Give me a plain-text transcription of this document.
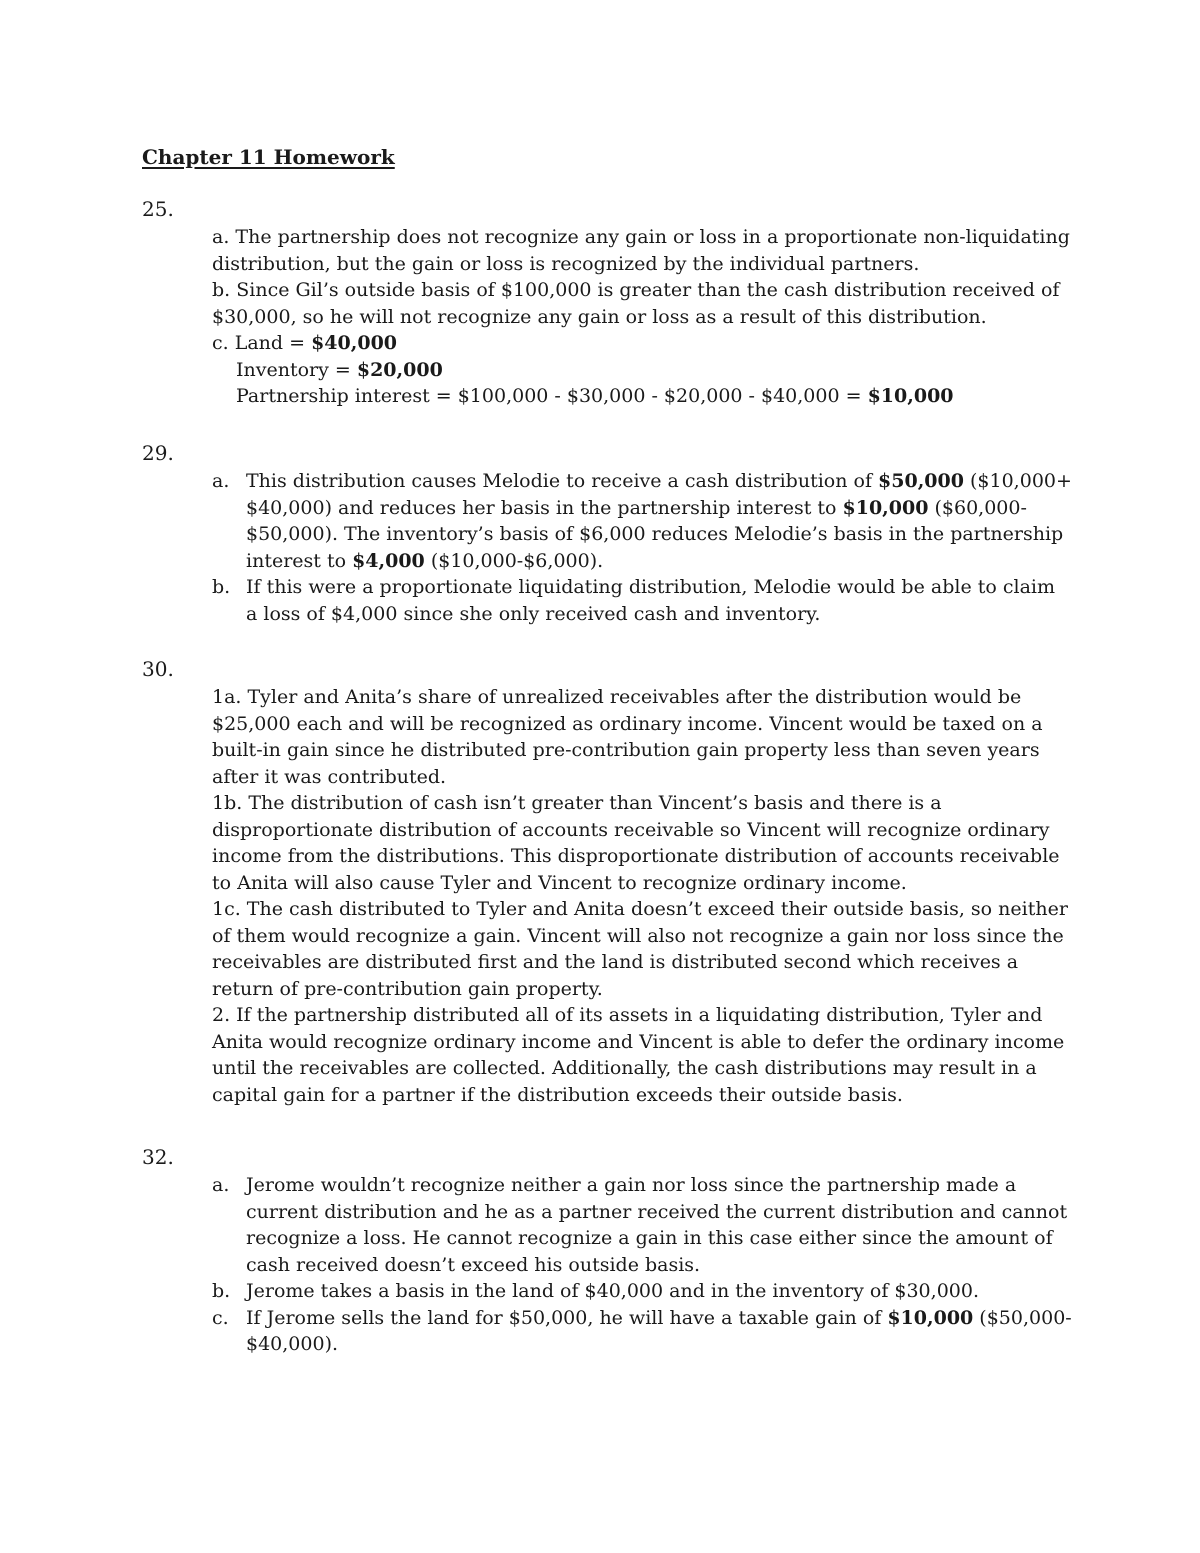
Chapter 11 Homework
25.

a. The partnership does not recognize any gain or loss in a proportionate non-liquidating distribution, but the gain or loss is recognized by the individual partners.

b. Since Gil’s outside basis of $100,000 is greater than the cash distribution received of $30,000, so he will not recognize any gain or loss as a result of this distribution.

c. Land = $40,000

Inventory = $20,000

Partnership interest = $100,000 - $30,000 - $20,000 - $40,000 = $10,000

29.
a. This distribution causes Melodie to receive a cash distribution of $50,000 ($10,000+ $40,000) and reduces her basis in the partnership interest to $10,000 ($60,000- $50,000). The inventory’s basis of $6,000 reduces Melodie’s basis in the partnership interest to $4,000 ($10,000-$6,000).
b. If this were a proportionate liquidating distribution, Melodie would be able to claim a loss of $4,000 since she only received cash and inventory.
30.

1a. Tyler and Anita’s share of unrealized receivables after the distribution would be $25,000 each and will be recognized as ordinary income. Vincent would be taxed on a built-in gain since he distributed pre-contribution gain property less than seven years after it was contributed.

1b. The distribution of cash isn’t greater than Vincent’s basis and there is a disproportionate distribution of accounts receivable so Vincent will recognize ordinary income from the distributions. This disproportionate distribution of accounts receivable to Anita will also cause Tyler and Vincent to recognize ordinary income.

1c. The cash distributed to Tyler and Anita doesn’t exceed their outside basis, so neither of them would recognize a gain. Vincent will also not recognize a gain nor loss since the receivables are distributed first and the land is distributed second which receives a return of pre-contribution gain property.

2. If the partnership distributed all of its assets in a liquidating distribution, Tyler and Anita would recognize ordinary income and Vincent is able to defer the ordinary income until the receivables are collected. Additionally, the cash distributions may result in a capital gain for a partner if the distribution exceeds their outside basis.

32.
a. Jerome wouldn’t recognize neither a gain nor loss since the partnership made a current distribution and he as a partner received the current distribution and cannot recognize a loss. He cannot recognize a gain in this case either since the amount of cash received doesn’t exceed his outside basis.
b. Jerome takes a basis in the land of $40,000 and in the inventory of $30,000.
c. If Jerome sells the land for $50,000, he will have a taxable gain of $10,000 ($50,000- $40,000).
